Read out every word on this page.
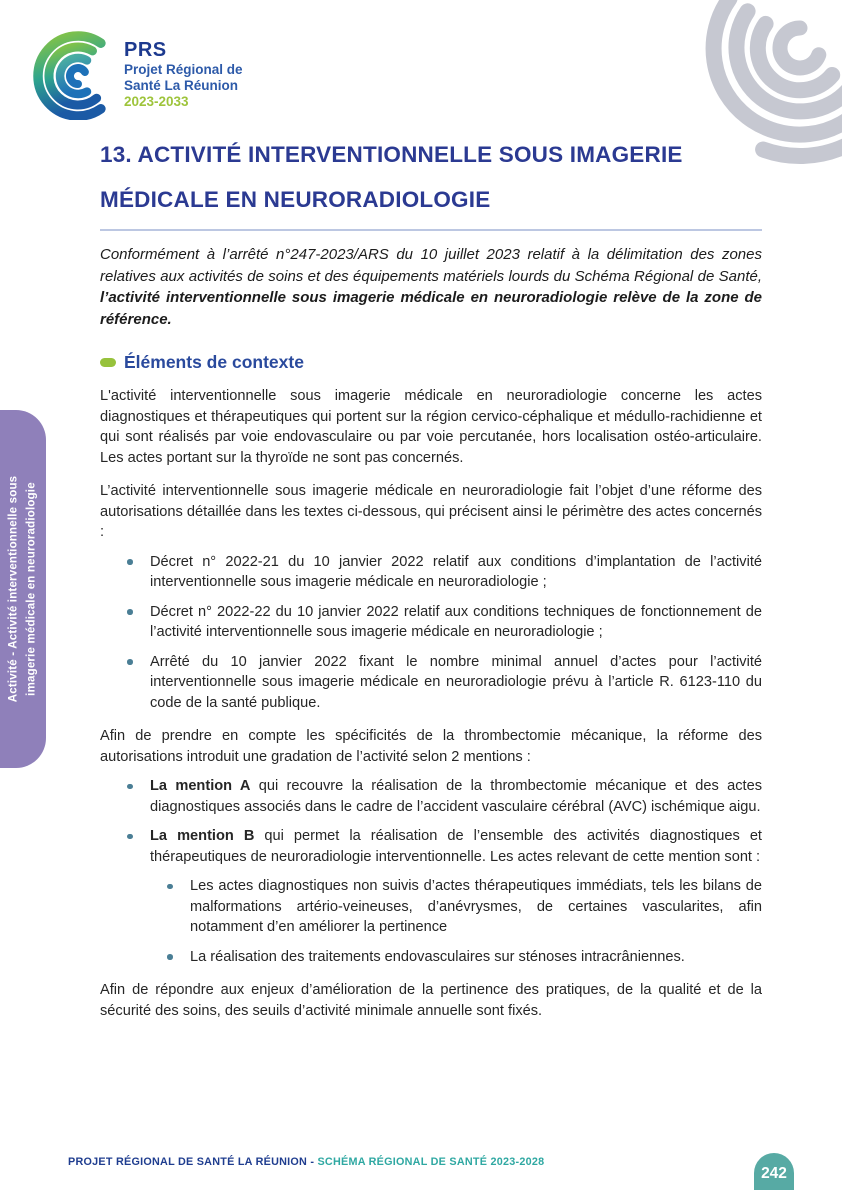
PRS
Projet Régional de
Santé La Réunion
2023-2033
Activité - Activité interventionnelle sous imagerie médicale en neuroradiologie
13. ACTIVITÉ INTERVENTIONNELLE SOUS IMAGERIE MÉDICALE EN NEURORADIOLOGIE

Conformément à l’arrêté n°247-2023/ARS du 10 juillet 2023 relatif à la délimitation des zones relatives aux activités de soins et des équipements matériels lourds du Schéma Régional de Santé, l’activité interventionnelle sous imagerie médicale en neuroradiologie relève de la zone de référence.

Éléments de contexte

L'activité interventionnelle sous imagerie médicale en neuroradiologie concerne les actes diagnostiques et thérapeutiques qui portent sur la région cervico-céphalique et médullo-rachidienne et qui sont réalisés par voie endovasculaire ou par voie percutanée, hors localisation ostéo-articulaire. Les actes portant sur la thyroïde ne sont pas concernés.

L’activité interventionnelle sous imagerie médicale en neuroradiologie fait l’objet d’une réforme des autorisations détaillée dans les textes ci-dessous, qui précisent ainsi le périmètre des actes concernés :

Décret n° 2022-21 du 10 janvier 2022 relatif aux conditions d’implantation de l’activité interventionnelle sous imagerie médicale en neuroradiologie ;
Décret n° 2022-22 du 10 janvier 2022 relatif aux conditions techniques de fonctionnement de l’activité interventionnelle sous imagerie médicale en neuroradiologie ;
Arrêté du 10 janvier 2022 fixant le nombre minimal annuel d’actes pour l’activité interventionnelle sous imagerie médicale en neuroradiologie prévu à l’article R. 6123-110 du code de la santé publique.

Afin de prendre en compte les spécificités de la thrombectomie mécanique, la réforme des autorisations introduit une gradation de l’activité selon 2 mentions :

La mention A qui recouvre la réalisation de la thrombectomie mécanique et des actes diagnostiques associés dans le cadre de l’accident vasculaire cérébral (AVC) ischémique aigu.
La mention B qui permet la réalisation de l’ensemble des activités diagnostiques et thérapeutiques de neuroradiologie interventionnelle. Les actes relevant de cette mention sont :
Les actes diagnostiques non suivis d’actes thérapeutiques immédiats, tels les bilans de malformations artério-veineuses, d’anévrysmes, de certaines vascularites, afin notamment d’en améliorer la pertinence
La réalisation des traitements endovasculaires sur sténoses intracrâniennes.

Afin de répondre aux enjeux d’amélioration de la pertinence des pratiques, de la qualité et de la sécurité des soins, des seuils d’activité minimale annuelle sont fixés.

PROJET RÉGIONAL DE SANTÉ LA RÉUNION - SCHÉMA RÉGIONAL DE SANTÉ 2023-2028
242
